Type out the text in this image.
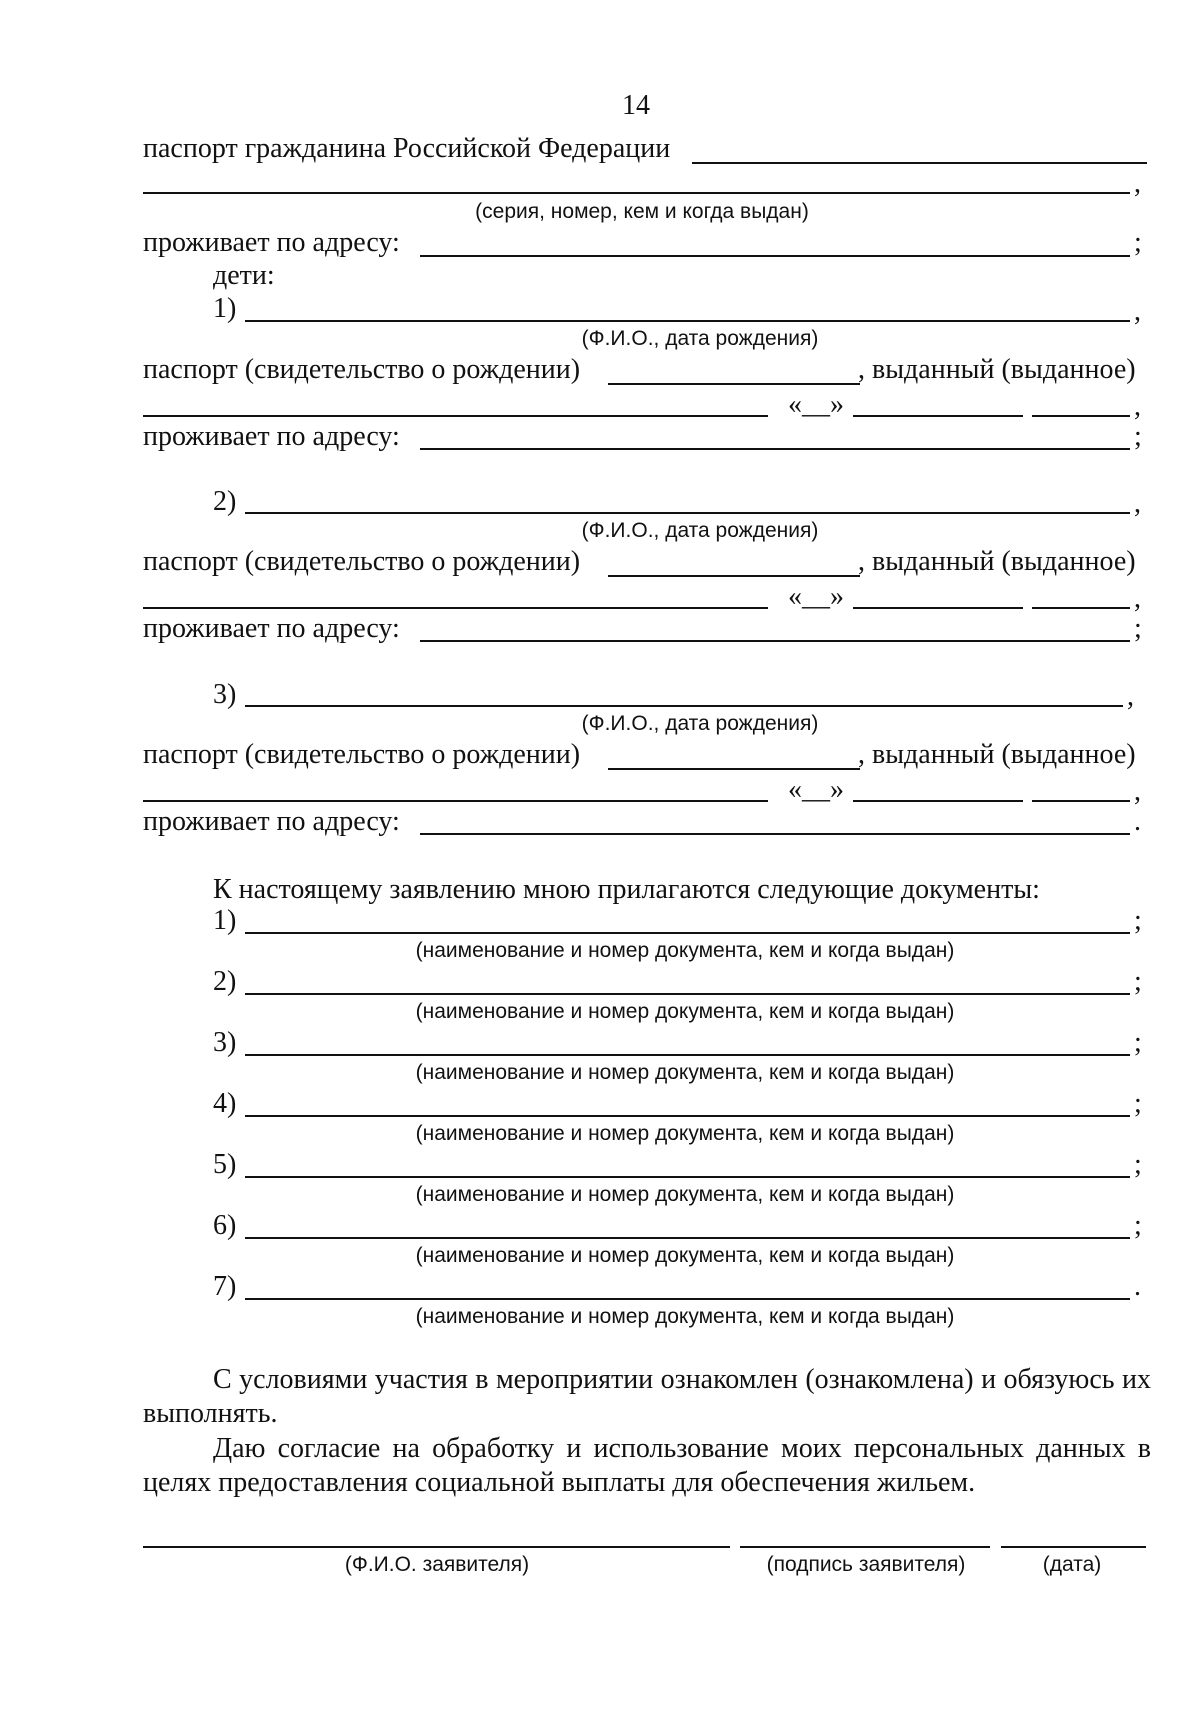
14
паспорт гражданина Российской Федерации
,
(серия, номер, кем и когда выдан)
проживает по адресу:	;
дети:
1)	,
(Ф.И.О., дата рождения)
паспорт (свидетельство о рождении)	, выданный (выданное)
«__»	,
проживает по адресу:	;
2)	,
(Ф.И.О., дата рождения)
паспорт (свидетельство о рождении)	, выданный (выданное)
«__»	,
проживает по адресу:	;
3)	,
(Ф.И.О., дата рождения)
паспорт (свидетельство о рождении)	, выданный (выданное)
«__»	,
проживает по адресу:	.
К настоящему заявлению мною прилагаются следующие документы:
1)	;
(наименование и номер документа, кем и когда выдан)
2)	;
(наименование и номер документа, кем и когда выдан)
3)	;
(наименование и номер документа, кем и когда выдан)
4)	;
(наименование и номер документа, кем и когда выдан)
5)	;
(наименование и номер документа, кем и когда выдан)
6)	;
(наименование и номер документа, кем и когда выдан)
7)	.
(наименование и номер документа, кем и когда выдан)
С условиями участия в мероприятии ознакомлен (ознакомлена) и обязуюсь их выполнять.
Даю согласие на обработку и использование моих персональных данных в целях предоставления социальной выплаты для обеспечения жильем.
(Ф.И.О. заявителя)	(подпись заявителя)	(дата)
